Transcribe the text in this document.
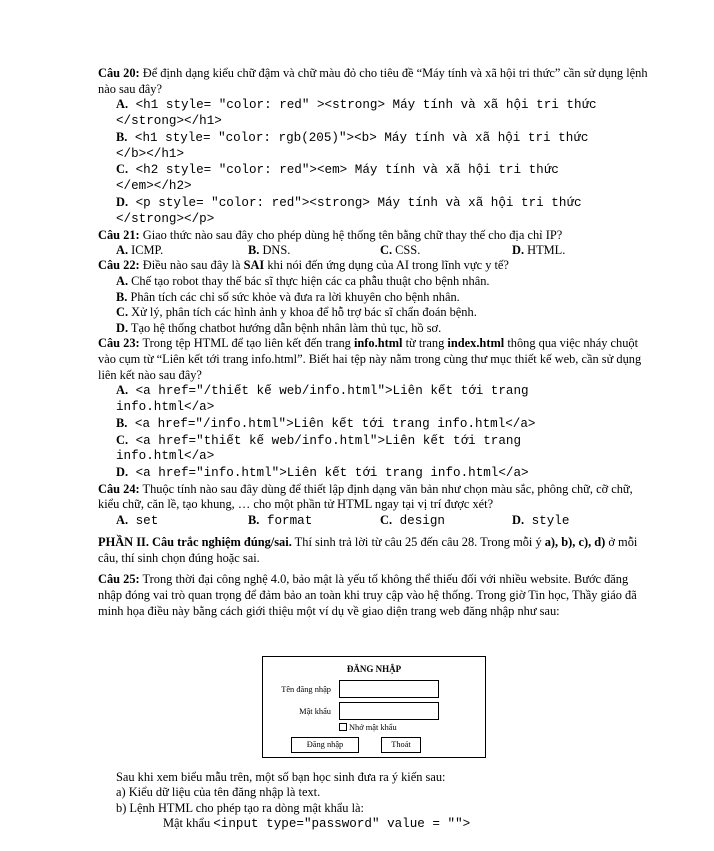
Câu 20: Để định dạng kiểu chữ đậm và chữ màu đỏ cho tiêu đề “Máy tính và xã hội tri thức” cần sử dụng lệnh nào sau đây?

A. <h1 style= "color: red" ><strong> Máy tính và xã hội tri thức
</strong></h1>
B. <h1 style= "color: rgb(205)"><b> Máy tính và xã hội tri thức
</b></h1>
C. <h2 style= "color: red"><em> Máy tính và xã hội tri thức
</em></h2>
D. <p style= "color: red"><strong> Máy tính và xã hội tri thức
</strong></p>

Câu 21: Giao thức nào sau đây cho phép dùng hệ thống tên bằng chữ thay thế cho địa chỉ IP?

A. ICMP.	B. DNS.	C. CSS.	D. HTML.

Câu 22: Điều nào sau đây là SAI khi nói đến ứng dụng của AI trong lĩnh vực y tế?

A. Chế tạo robot thay thế bác sĩ thực hiện các ca phẫu thuật cho bệnh nhân.

B. Phân tích các chỉ số sức khỏe và đưa ra lời khuyên cho bệnh nhân.

C. Xử lý, phân tích các hình ảnh y khoa để hỗ trợ bác sĩ chẩn đoán bệnh.

D. Tạo hệ thống chatbot hướng dẫn bệnh nhân làm thủ tục, hồ sơ.

Câu 23: Trong tệp HTML để tạo liên kết đến trang info.html từ trang index.html thông qua việc nháy chuột vào cụm từ “Liên kết tới trang info.html”. Biết hai tệp này nằm trong cùng thư mục thiết kế web, cần sử dụng liên kết nào sau đây?

A. <a href="/thiết kế web/info.html">Liên kết tới trang
info.html</a>
B. <a href="/info.html">Liên kết tới trang info.html</a>
C. <a href="thiết kế web/info.html">Liên kết tới trang
info.html</a>
D. <a href="info.html">Liên kết tới trang info.html</a>

Câu 24: Thuộc tính nào sau đây dùng để thiết lập định dạng văn bản như chọn màu sắc, phông chữ, cỡ chữ, kiểu chữ, căn lề, tạo khung, … cho một phần tử HTML ngay tại vị trí được xét?

A. set	B. format	C. design	D. style

PHẦN II. Câu trắc nghiệm đúng/sai. Thí sinh trả lời từ câu 25 đến câu 28. Trong mỗi ý a), b), c), d) ở mỗi câu, thí sinh chọn đúng hoặc sai.

Câu 25: Trong thời đại công nghệ 4.0, bảo mật là yếu tố không thể thiếu đối với nhiều website. Bước đăng nhập đóng vai trò quan trọng để đảm bảo an toàn khi truy cập vào hệ thống. Trong giờ Tin học, Thầy giáo đã minh họa điều này bằng cách giới thiệu một ví dụ về giao diện trang web đăng nhập như sau:

ĐĂNG NHẬP
Tên đăng nhập
Mật khẩu
Nhớ mật khẩu
Đăng nhập	Thoát

Sau khi xem biểu mẫu trên, một số bạn học sinh đưa ra ý kiến sau:

a) Kiểu dữ liệu của tên đăng nhập là text.

b) Lệnh HTML cho phép tạo ra dòng mật khẩu là:

Mật khẩu <input type="password" value = "">
